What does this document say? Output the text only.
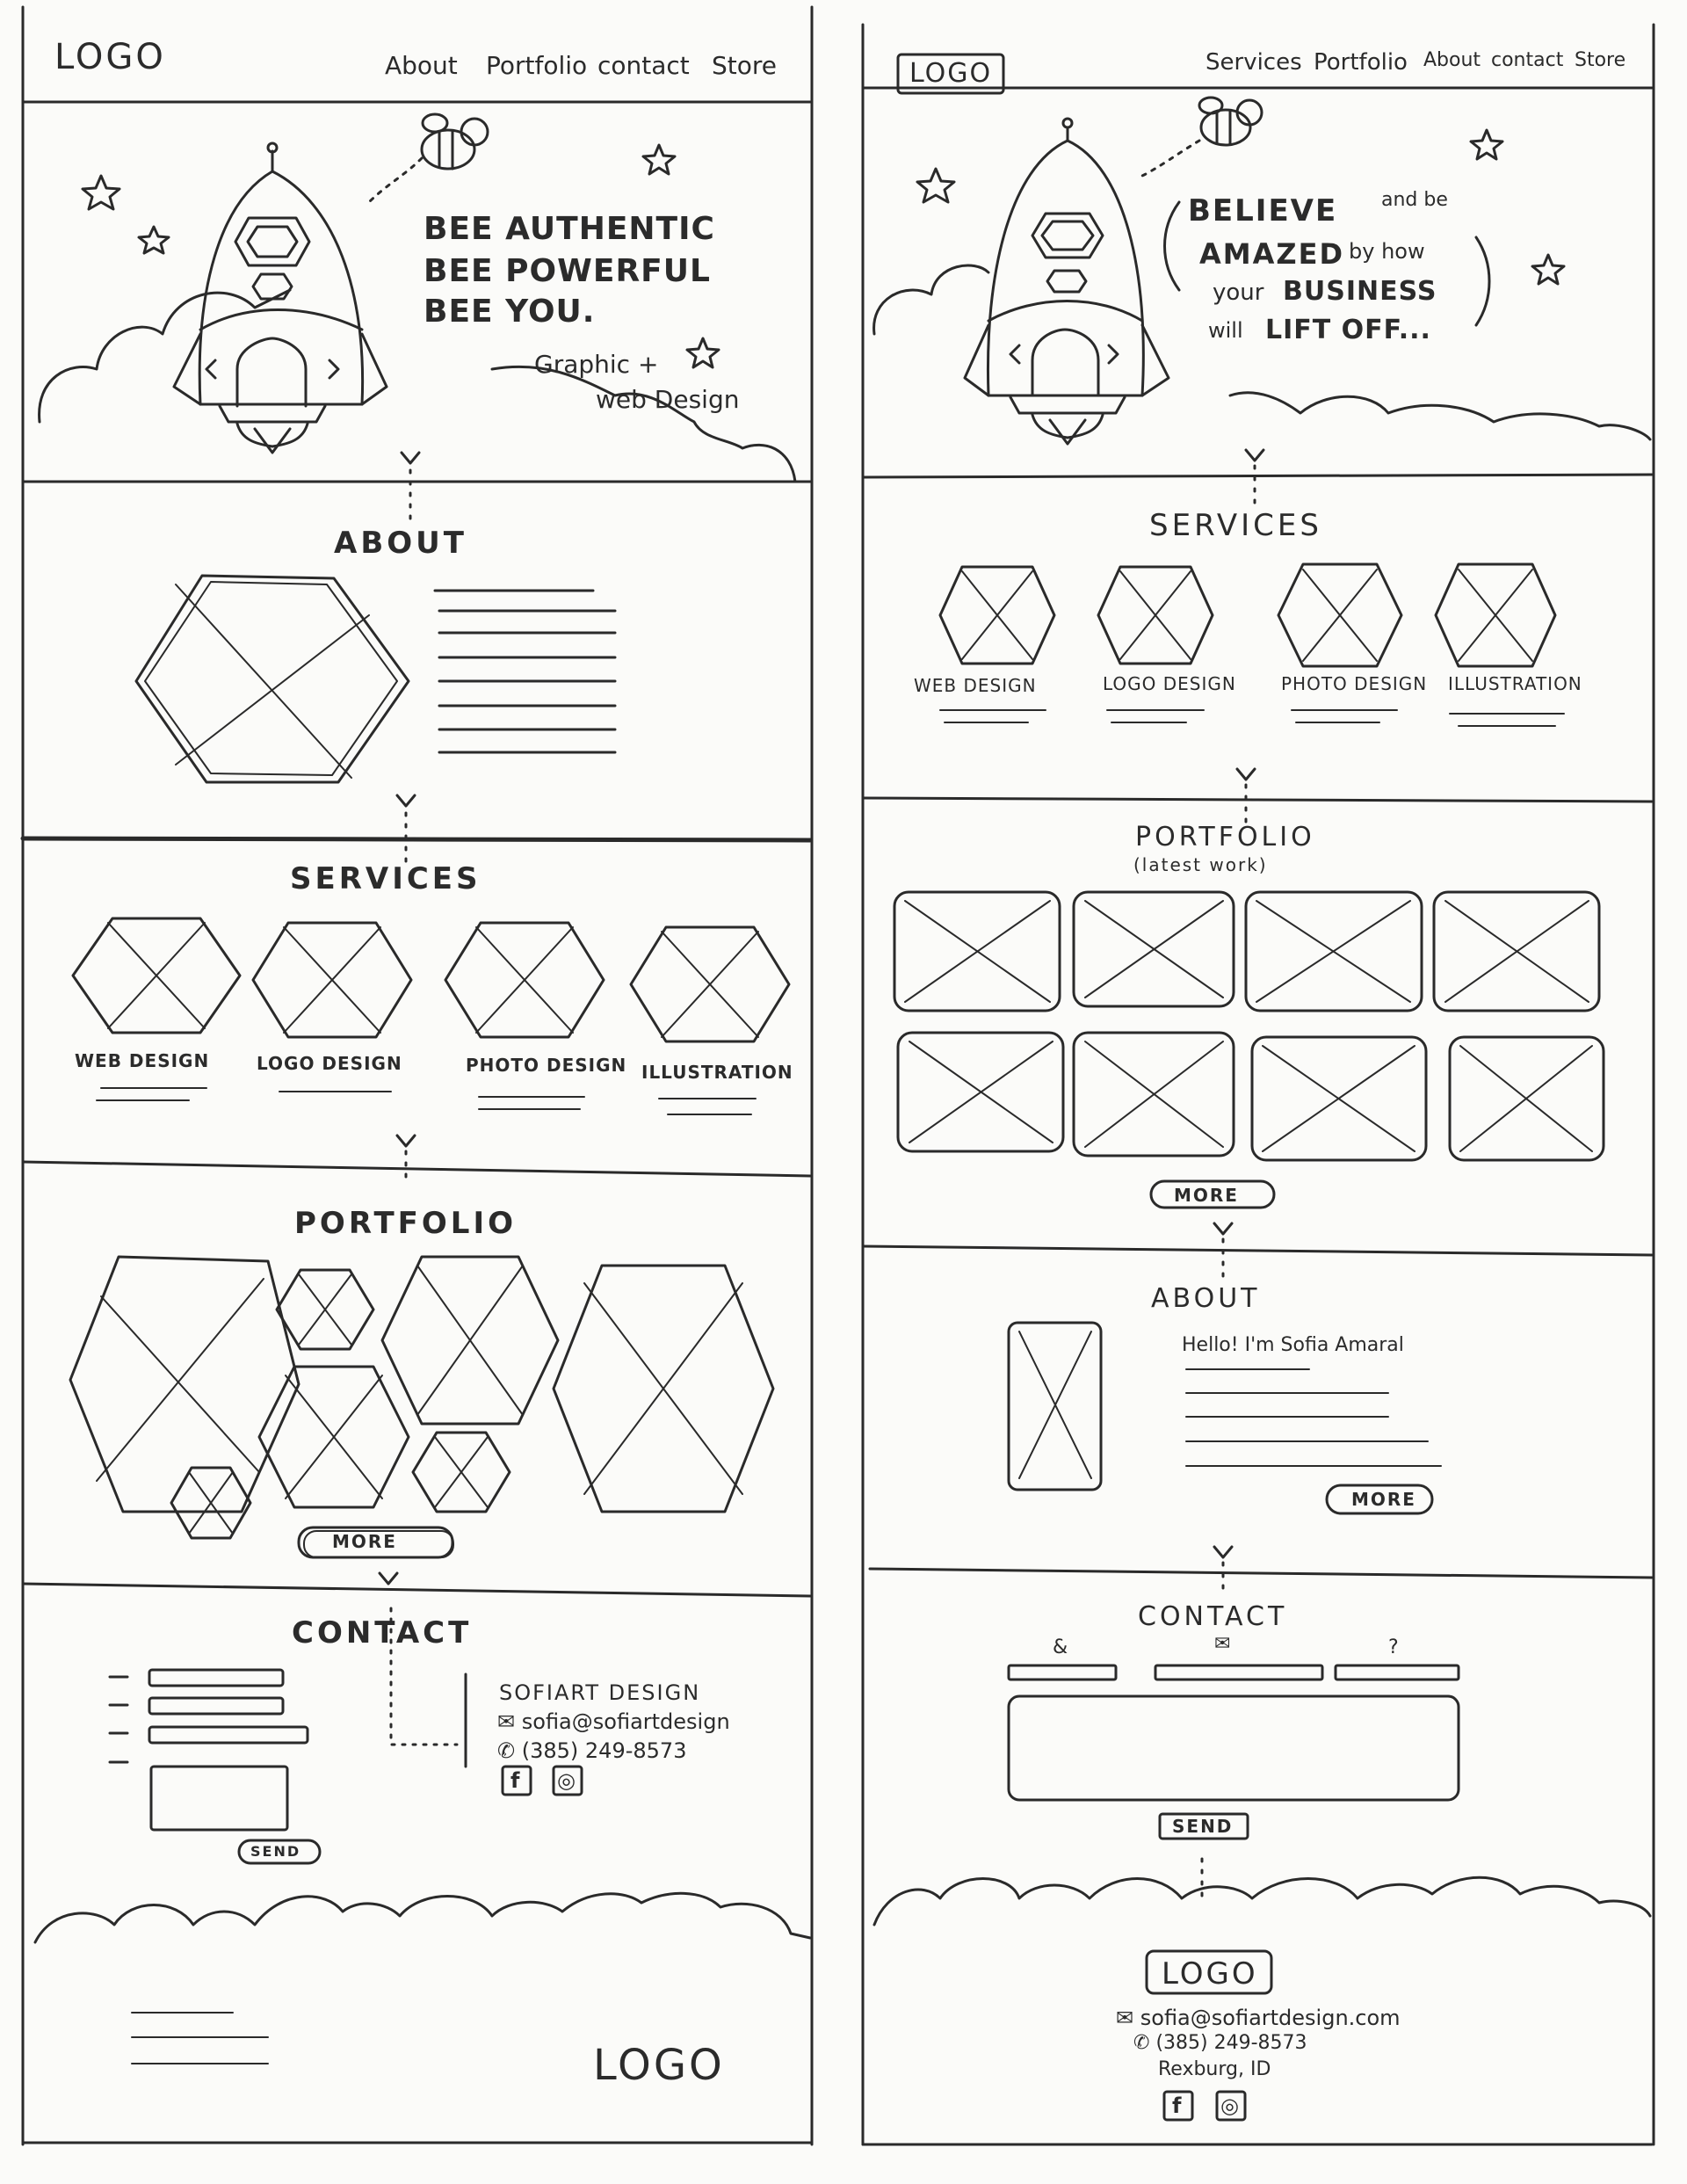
LOGO	About Portfolio contact Store
BEE AUTHENTIC
BEE POWERFUL
BEE YOU.
Graphic +
web Design
ABOUT
SERVICES
WEB DESIGN	LOGO DESIGN	PHOTO DESIGN ILLUSTRATION
PORTFOLIO
MORE
CONTACT
SEND
SOFIART DESIGN
✉ sofia@sofiartdesign
✆ (385) 249-8573
f ◎
LOGO
LOGO	Services Portfolio About contact Store
BELIEVE and be
AMAZED by how
your BUSINESS
will LIFT OFF...
SERVICES
WEB DESIGN	LOGO DESIGN	PHOTO DESIGN ILLUSTRATION
PORTFOLIO
(latest work)
MORE
ABOUT
Hello! I'm Sofia Amaral
MORE
CONTACT
&	✉	?
SEND
LOGO
✉ sofia@sofiartdesign.com
✆ (385) 249-8573
Rexburg, ID
f ◎
